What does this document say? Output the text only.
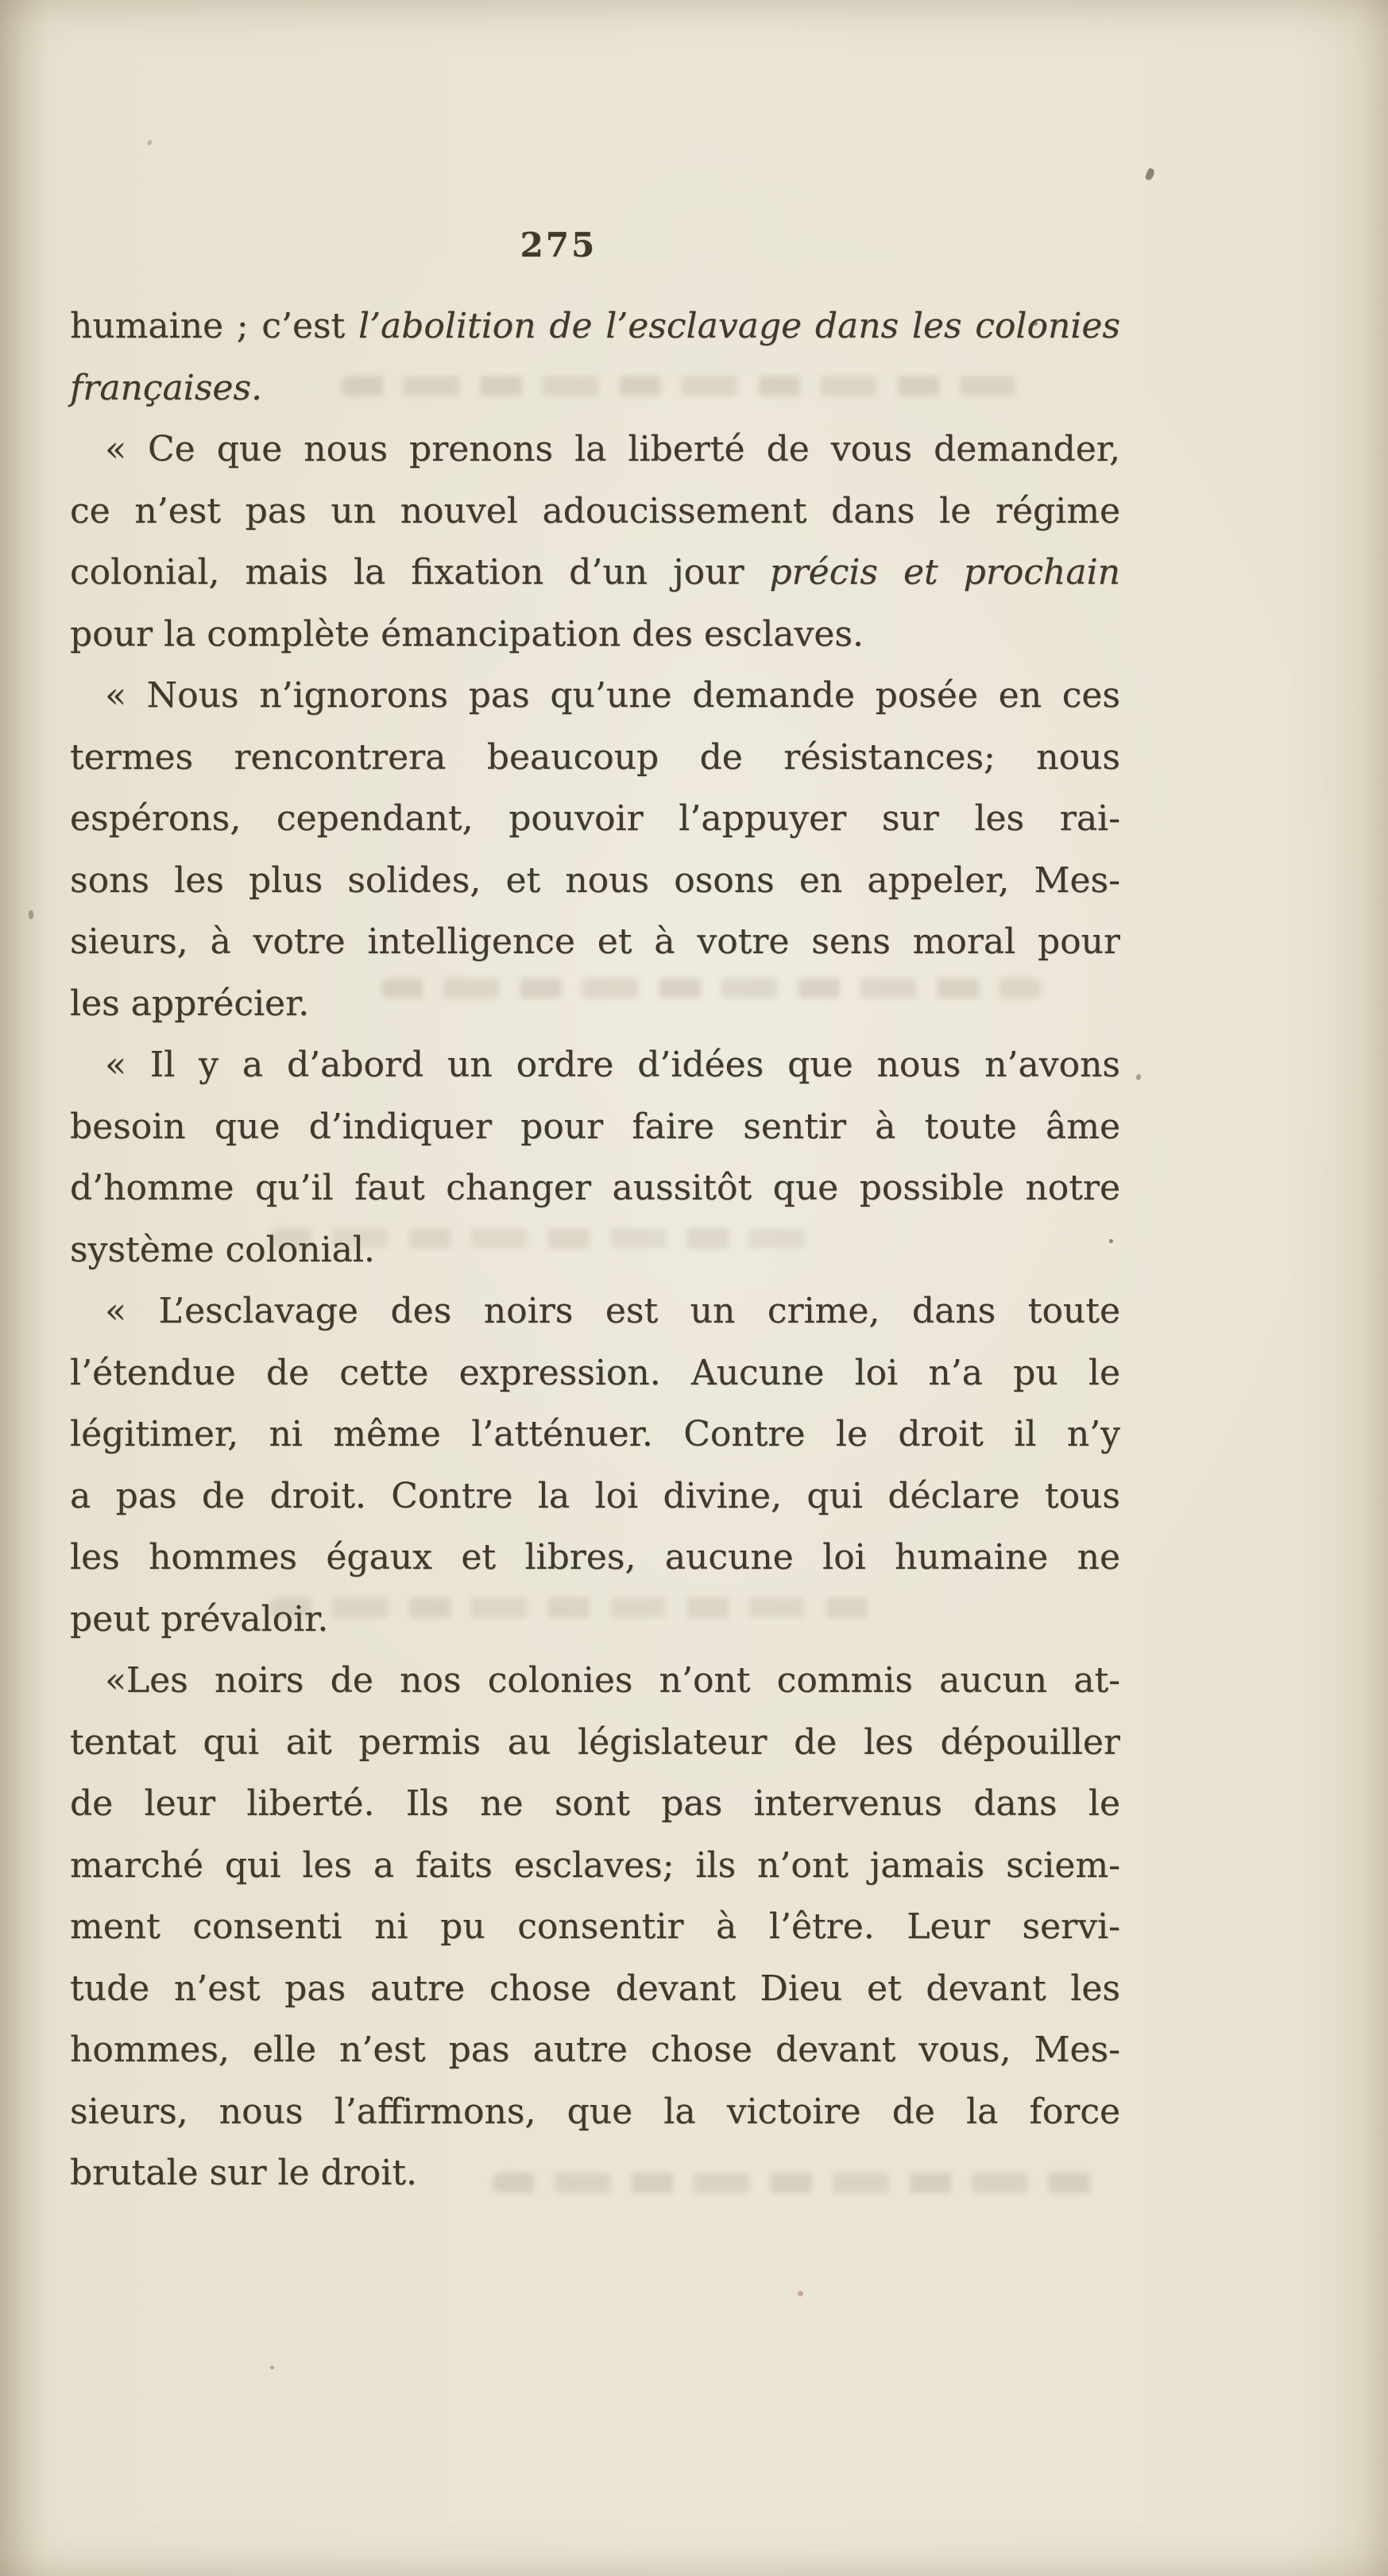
275
humaine ; c’est l’abolition de l’esclavage dans les colonies
françaises.
« Ce que nous prenons la liberté de vous demander,
ce n’est pas un nouvel adoucissement dans le régime
colonial, mais la fixation d’un jour précis et prochain
pour la complète émancipation des esclaves.
« Nous n’ignorons pas qu’une demande posée en ces
termes rencontrera beaucoup de résistances; nous
espérons, cependant, pouvoir l’appuyer sur les rai-
sons les plus solides, et nous osons en appeler, Mes-
sieurs, à votre intelligence et à votre sens moral pour
les apprécier.
« Il y a d’abord un ordre d’idées que nous n’avons
besoin que d’indiquer pour faire sentir à toute âme
d’homme qu’il faut changer aussitôt que possible notre
système colonial.
« L’esclavage des noirs est un crime, dans toute
l’étendue de cette expression. Aucune loi n’a pu le
légitimer, ni même l’atténuer. Contre le droit il n’y
a pas de droit. Contre la loi divine, qui déclare tous
les hommes égaux et libres, aucune loi humaine ne
peut prévaloir.
«Les noirs de nos colonies n’ont commis aucun at-
tentat qui ait permis au législateur de les dépouiller
de leur liberté. Ils ne sont pas intervenus dans le
marché qui les a faits esclaves; ils n’ont jamais sciem-
ment consenti ni pu consentir à l’être. Leur servi-
tude n’est pas autre chose devant Dieu et devant les
hommes, elle n’est pas autre chose devant vous, Mes-
sieurs, nous l’affirmons, que la victoire de la force
brutale sur le droit.
